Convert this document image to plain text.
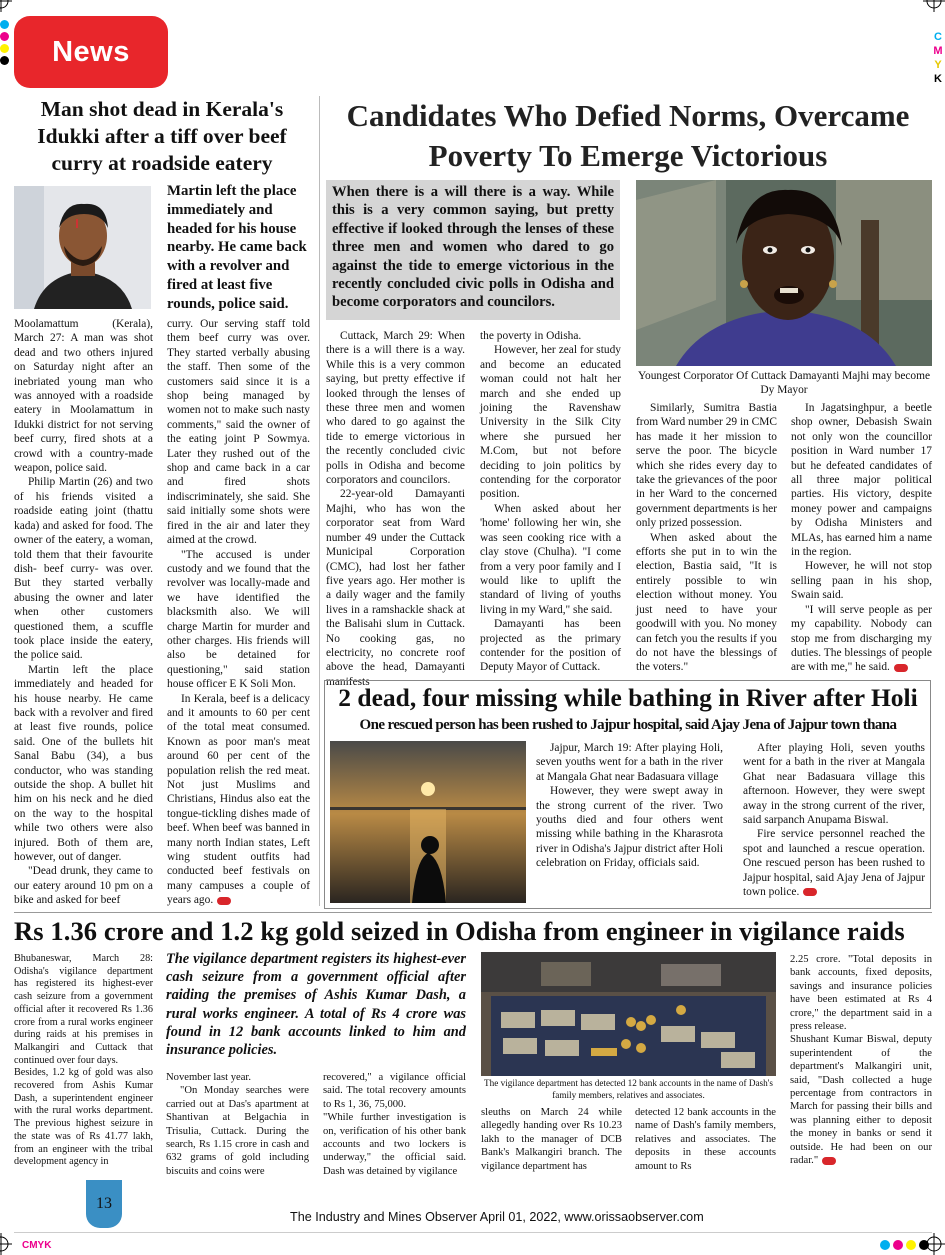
C
M
Y
K
CMYK
News
Man shot dead in Kerala's Idukki after a tiff over beef curry at roadside eatery
Martin left the place immediately and headed for his house nearby. He came back with a revolver and fired at least five rounds, police said.

Moolamattum (Kerala), March 27: A man was shot dead and two others injured on Saturday night after an inebriated young man who was annoyed with a roadside eatery in Moolamattum in Idukki district for not serving beef curry, fired shots at a crowd with a country-made weapon, police said.

Philip Martin (26) and two of his friends visited a roadside eating joint (thattu kada) and asked for food. The owner of the eatery, a woman, told them that their favourite dish- beef curry- was over. But they started verbally abusing the owner and later when other customers questioned them, a scuffle took place inside the eatery, the police said.

Martin left the place immediately and headed for his house nearby. He came back with a revolver and fired at least five rounds, police said. One of the bullets hit Sanal Babu (34), a bus conductor, who was standing outside the shop. A bullet hit him on his neck and he died on the way to the hospital while two others were also injured. Both of them are, however, out of danger.

"Dead drunk, they came to our eatery around 10 pm on a bike and asked for beef

curry. Our serving staff told them beef curry was over. They started verbally abusing the staff. Then some of the customers said since it is a shop being managed by women not to make such nasty comments," said the owner of the eating joint P Sowmya. Later they rushed out of the shop and came back in a car and fired shots indiscriminately, she said. She said initially some shots were fired in the air and later they aimed at the crowd.

"The accused is under custody and we found that the revolver was locally-made and we have identified the blacksmith also. We will charge Martin for murder and other charges. His friends will also be detained for questioning," said station house officer E K Soli Mon.

In Kerala, beef is a delicacy and it amounts to 60 per cent of the total meat consumed. Known as poor man's meat around 60 per cent of the population relish the red meat. Not just Muslims and Christians, Hindus also eat the tongue-tickling dishes made of beef. When beef was banned in many north Indian states, Left wing student outfits had conducted beef festivals on many campuses a couple of years ago.

Candidates Who Defied Norms, Overcame Poverty To Emerge Victorious
When there is a will there is a way. While this is a very common saying, but pretty effective if looked through the lenses of these three men and women who dared to go against the tide to emerge victorious in the recently concluded civic polls in Odisha and become corporators and councilors.
Youngest Corporator Of Cuttack Damayanti Majhi may become Dy Mayor

Cuttack, March 29: When there is a will there is a way. While this is a very common saying, but pretty effective if looked through the lenses of these three men and women who dared to go against the tide to emerge victorious in the recently concluded civic polls in Odisha and become corporators and councilors.

22-year-old Damayanti Majhi, who has won the corporator seat from Ward number 49 under the Cuttack Municipal Corporation (CMC), had lost her father five years ago. Her mother is a daily wager and the family lives in a ramshackle shack at the Balisahi slum in Cuttack. No cooking gas, no electricity, no concrete roof above the head, Damayanti manifests

the poverty in Odisha.

However, her zeal for study and become an educated woman could not halt her march and she ended up joining the Ravenshaw University in the Silk City where she pursued her M.Com, but not before deciding to join politics by contending for the corporator position.

When asked about her 'home' following her win, she was seen cooking rice with a clay stove (Chulha). "I come from a very poor family and I would like to uplift the standard of living of youths living in my Ward," she said.

Damayanti has been projected as the primary contender for the position of Deputy Mayor of Cuttack.

Similarly, Sumitra Bastia from Ward number 29 in CMC has made it her mission to serve the poor. The bicycle which she rides every day to take the grievances of the poor in her Ward to the concerned government departments is her only prized possession.

When asked about the efforts she put in to win the election, Bastia said, "It is entirely possible to win election without money. You just need to have your goodwill with you. No money can fetch you the results if you do not have the blessings of the voters."

In Jagatsinghpur, a beetle shop owner, Debasish Swain not only won the councillor position in Ward number 17 but he defeated candidates of all three major political parties. His victory, despite money power and campaigns by Odisha Ministers and MLAs, has earned him a name in the region.

However, he will not stop selling paan in his shop, Swain said.

"I will serve people as per my capability. Nobody can stop me from discharging my duties. The blessings of people are with me," he said.

2 dead, four missing while bathing in River after Holi
One rescued person has been rushed to Jajpur hospital, said Ajay Jena of Jajpur town thana

Jajpur, March 19: After playing Holi, seven youths went for a bath in the river at Mangala Ghat near Badasuara village

However, they were swept away in the strong current of the river. Two youths died and four others went missing while bathing in the Kharasrota river in Odisha's Jajpur district after Holi celebration on Friday, officials said.

After playing Holi, seven youths went for a bath in the river at Mangala Ghat near Badasuara village this afternoon. However, they were swept away in the strong current of the river, said sarpanch Anupama Biswal.

Fire service personnel reached the spot and launched a rescue operation. One rescued person has been rushed to Jajpur hospital, said Ajay Jena of Jajpur town police.

Rs 1.36 crore and 1.2 kg gold seized in Odisha from engineer in vigilance raids

Bhubaneswar, March 28: Odisha's vigilance department has registered its highest-ever cash seizure from a government official after it recovered Rs 1.36 crore from a rural works engineer during raids at his premises in Malkangiri and Cuttack that continued over four days.

Besides, 1.2 kg of gold was also recovered from Ashis Kumar Dash, a superintendent engineer with the rural works department. The previous highest seizure in the state was of Rs 41.77 lakh, from an engineer with the tribal development agency in

The vigilance department registers its highest-ever cash seizure from a government official after raiding the premises of Ashis Kumar Dash, a rural works engineer. A total of Rs 4 crore was found in 12 bank accounts linked to him and insurance policies.

November last year.

"On Monday searches were carried out at Das's apartment at Shantivan at Belgachia in Trisulia, Cuttack. During the search, Rs 1.15 crore in cash and 632 grams of gold including biscuits and coins were

recovered," a vigilance official said. The total recovery amounts to Rs 1, 36, 75,000.

"While further investigation is on, verification of his other bank accounts and two lockers is underway," the official said. Dash was detained by vigilance

The vigilance department has detected 12 bank accounts in the name of Dash's family members, relatives and associates.

sleuths on March 24 while allegedly handing over Rs 10.23 lakh to the manager of DCB Bank's Malkangiri branch. The vigilance department has

detected 12 bank accounts in the name of Dash's family members, relatives and associates. The deposits in these accounts amount to Rs

2.25 crore. "Total deposits in bank accounts, fixed deposits, savings and insurance policies have been estimated at Rs 4 crore," the department said in a press release.

Shushant Kumar Biswal, deputy superintendent of the department's Malkangiri unit, said, "Dash collected a huge percentage from contractors in March for passing their bills and was planning either to deposit the money in banks or send it outside. He had been on our radar."

13
The Industry and Mines Observer April 01, 2022, www.orissaobserver.com
